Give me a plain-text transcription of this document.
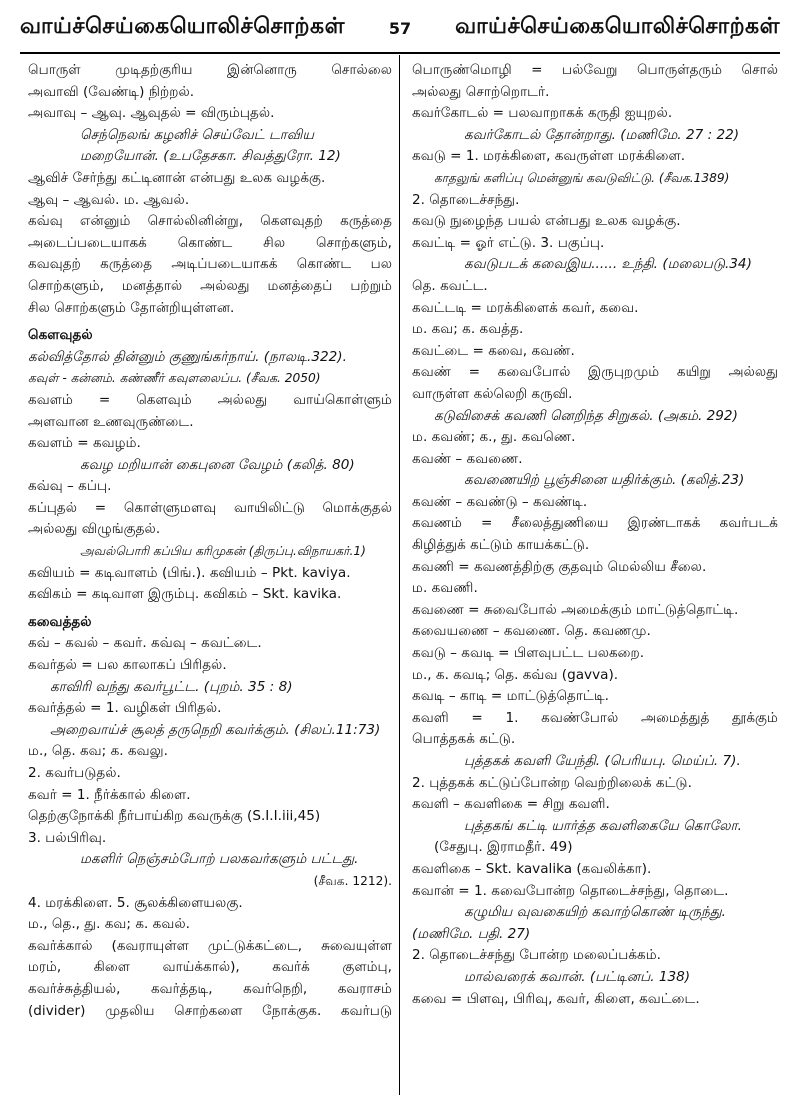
வாய்ச்செய்கையொலிச்சொற்கள்	57 வாய்ச்செய்கையொலிச்சொற்கள்
பொருள் முடிதற்குரிய இன்னொரு சொல்லை
அவாவி (வேண்டி) நிற்றல்.
அவாவு – ஆவு. ஆவுதல் = விரும்புதல்.
செந்நெலங் கழனிச் செய்வேட் டாவிய
மறையோன். (உபதேசகா. சிவத்துரோ. 12)
ஆவிச் சேர்ந்து கட்டினான் என்பது உலக வழக்கு.
ஆவு – ஆவல். ம. ஆவல்.
கவ்வு என்னும் சொல்லினின்று, கௌவுதற் கருத்தை
அடைப்படையாகக் கொண்ட சில சொற்களும்,
கவவுதற் கருத்தை அடிப்படையாகக் கொண்ட பல
சொற்களும், மனத்தால் அல்லது மனத்தைப் பற்றும்
சில சொற்களும் தோன்றியுள்ளன.
கௌவுதல்
கல்வித்தோல் தின்னும் குணுங்கர்நாய். (நாலடி.322).
கவுள் - கன்னம். கண்ணீர் கவுளலைப்ப. (சீவக. 2050)
கவளம் = கௌவும் அல்லது வாய்கொள்ளும்
அளவான உணவுருண்டை.
கவளம் = கவழம்.
கவழ மறியான் கைபுனை வேழம் (கலித். 80)
கவ்வு – கப்பு.
கப்புதல் = கொள்ளுமளவு வாயிலிட்டு மொக்குதல்
அல்லது விழுங்குதல்.
அவல்பொரி கப்பிய கரிமுகன் (திருப்பு.விநாயகர்.1)
கவியம் = கடிவாளம் (பிங்.). கவியம் – Pkt. kaviya.
கவிகம் = கடிவாள இரும்பு. கவிகம் – Skt. kavika.
கவைத்தல்
கவ் – கவல் – கவர். கவ்வு – கவட்டை.
கவர்தல் = பல காலாகப் பிரிதல்.
காவிரி வந்து கவர்பூட்ட. (புறம். 35 : 8)
கவர்த்தல் = 1. வழிகள் பிரிதல்.
அறைவாய்ச் சூலத் தருநெறி கவர்க்கும். (சிலப்.11:73)
ம., தெ. கவ; க. கவலு.
2. கவர்படுதல்.
கவர் = 1. நீர்க்கால் கிளை.
தெற்குநோக்கி நீர்பாய்கிற கவருக்கு (S.I.I.iii,45)
3. பல்பிரிவு.
மகளிர் நெஞ்சம்போற் பலகவர்களும் பட்டது.
(சீவக. 1212).
4. மரக்கிளை. 5. சூலக்கிளையலகு.
ம., தெ., து. கவ; க. கவல்.
கவர்க்கால் (கவராயுள்ள முட்டுக்கட்டை, சுவையுள்ள
மரம், கிளை வாய்க்கால்), கவர்க் குளம்பு,
கவர்ச்சுத்தியல், கவர்த்தடி, கவர்நெறி, கவராசம்
(divider) முதலிய சொற்களை நோக்குக. கவர்படு
பொருண்மொழி = பல்வேறு பொருள்தரும் சொல்
அல்லது சொற்றொடர்.
கவர்கோடல் = பலவாறாகக் கருதி ஐயுறல்.
கவர்கோடல் தோன்றாது. (மணிமே. 27 : 22)
கவடு = 1. மரக்கிளை, கவருள்ள மரக்கிளை.
காதலுங் களிப்பு மென்னுங் கவடுவிட்டு. (சீவக.1389)
2. தொடைச்சந்து.
கவடு நுழைந்த பயல் என்பது உலக வழக்கு.
கவட்டி = ஓர் எட்டு. 3. பகுப்பு.
கவடுபடக் கவைஇய...... உந்தி. (மலைபடு.34)
தெ. கவட்ட.
கவட்டடி = மரக்கிளைக் கவர், கவை.
ம. கவ; க. கவத்த.
கவட்டை = கவை, கவண்.
கவண் = கவைபோல் இருபுறமும் கயிறு அல்லது
வாருள்ள கல்லெறி கருவி.
கடுவிசைக் கவணி னெறிந்த சிறுகல். (அகம். 292)
ம. கவண்; க., து. கவணெ.
கவண் – கவணை.
கவணையிற் பூஞ்சினை யதிர்க்கும். (கலித்.23)
கவண் – கவண்டு – கவண்டி.
கவணம் = சீலைத்துணியை இரண்டாகக் கவர்படக்
கிழித்துக் கட்டும் காயக்கட்டு.
கவணி = கவணத்திற்கு குதவும் மெல்லிய சீலை.
ம. கவணி.
கவணை = சுவைபோல் அமைக்கும் மாட்டுத்தொட்டி.
கவையணை – கவணை. தெ. கவணமு.
கவடு – கவடி = பிளவுபட்ட பலகறை.
ம., க. கவடி; தெ. கவ்வ (gavva).
கவடி – காடி = மாட்டுத்தொட்டி.
கவளி = 1. கவண்போல் அமைத்துத் தூக்கும்
பொத்தகக் கட்டு.
புத்தகக் கவளி யேந்தி. (பெரியபு. மெய்ப். 7).
2. புத்தகக் கட்டுப்போன்ற வெற்றிலைக் கட்டு.
கவளி – கவளிகை = சிறு கவளி.
புத்தகங் கட்டி யார்த்த கவளிகையே கொலோ.
(சேதுபு. இராமதீர். 49)
கவளிகை – Skt. kavalika (கவலிக்கா).
கவான் = 1. கவைபோன்ற தொடைச்சந்து, தொடை.
கழுமிய வுவகையிற் கவாற்கொண் டிருந்து.
(மணிமே. பதி. 27)
2. தொடைச்சந்து போன்ற மலைப்பக்கம்.
மால்வரைக் கவான். (பட்டினப். 138)
கவை = பிளவு, பிரிவு, கவர், கிளை, கவட்டை.
